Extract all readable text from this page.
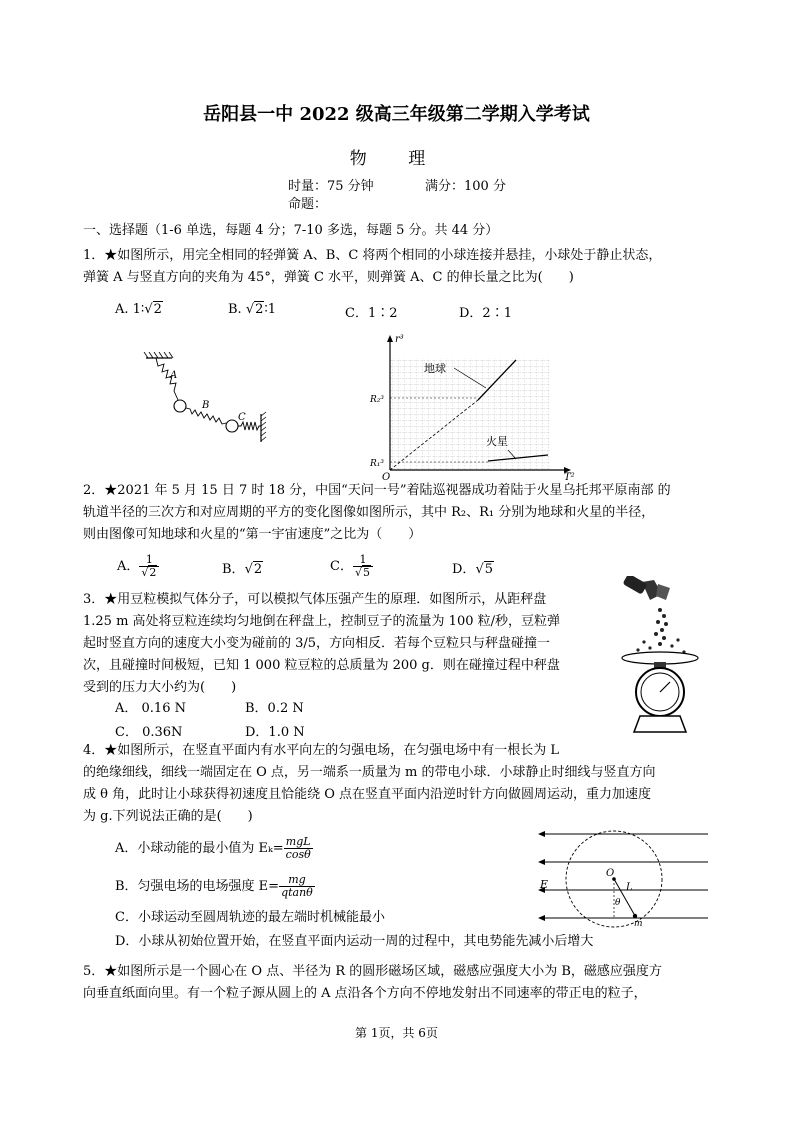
岳阳县一中 2022 级高三年级第二学期入学考试
物 理
时量：75 分钟	满分：100 分
命题：
一、选择题（1-6 单选，每题 4 分；7-10 多选，每题 5 分。共 44 分）
1．★如图所示，用完全相同的轻弹簧 A、B、C 将两个相同的小球连接并悬挂，小球处于静止状态，
弹簧 A 与竖直方向的夹角为 45°，弹簧 C 水平，则弹簧 A、C 的伸长量之比为(　　)
A. 1∶√2	B. √2∶1	C．1∶2	D．2∶1
A
B
C
r³
T²
O
R₂³
R₁³
地球
火星
2．★2021 年 5 月 15 日 7 时 18 分，中国“天问一号”着陆巡视器成功着陆于火星乌托邦平原南部 的
轨道半径的三次方和对应周期的平方的变化图像如图所示，其中 R₂、R₁ 分别为地球和火星的半径，
则由图像可知地球和火星的“第一宇宙速度”之比为（　　）
A． $\frac{1}{√2}$	B．√2	C． $\frac{1}{√5}$	D．√5
3．★用豆粒模拟气体分子，可以模拟气体压强产生的原理．如图所示，从距秤盘
1.25 m 高处将豆粒连续均匀地倒在秤盘上，控制豆子的流量为 100 粒/秒，豆粒弹
起时竖直方向的速度大小变为碰前的 3/5，方向相反．若每个豆粒只与秤盘碰撞一
次，且碰撞时间极短，已知 1 000 粒豆粒的总质量为 200 g．则在碰撞过程中秤盘
受到的压力大小约为(　　)
A． 0.16 N	B．0.2 N
C． 0.36N	D．1.0 N
4．★如图所示，在竖直平面内有水平向左的匀强电场，在匀强电场中有一根长为 L
的绝缘细线，细线一端固定在 O 点，另一端系一质量为 m 的带电小球．小球静止时细线与竖直方向
成 θ 角，此时让小球获得初速度且恰能绕 O 点在竖直平面内沿逆时针方向做圆周运动，重力加速度
为 g.下列说法正确的是(　　)
A．小球动能的最小值为 $E_k= \frac{\text{mgL}}{\cos\theta}$
B．匀强电场的电场强度 $E= \frac{mg}{qtan\theta}$
C．小球运动至圆周轨迹的最左端时机械能最小
D．小球从初始位置开始，在竖直平面内运动一周的过程中，其电势能先减小后增大
E
O
L
θ
m
5．★如图所示是一个圆心在 O 点、半径为 R 的圆形磁场区域，磁感应强度大小为 B，磁感应强度方
向垂直纸面向里。有一个粒子源从圆上的 A 点沿各个方向不停地发射出不同速率的带正电的粒子，
第 1页，共 6页
